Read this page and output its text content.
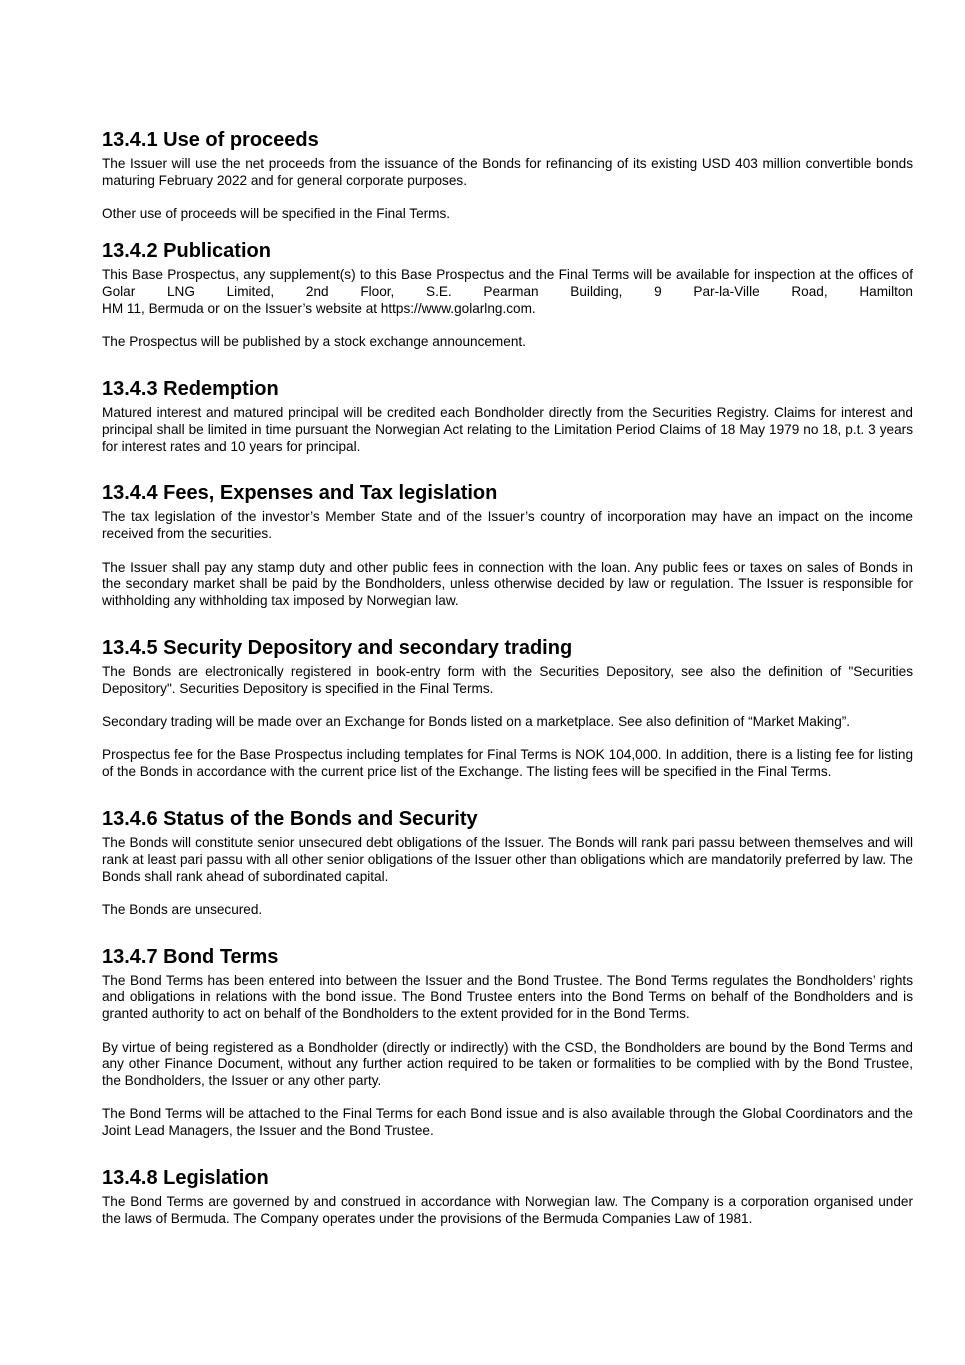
13.4.1 Use of proceeds

The Issuer will use the net proceeds from the issuance of the Bonds for refinancing of its existing USD 403 million convertible bonds maturing February 2022 and for general corporate purposes.

Other use of proceeds will be specified in the Final Terms.

13.4.2 Publication

This Base Prospectus, any supplement(s) to this Base Prospectus and the Final Terms will be available for inspection at the offices of Golar LNG Limited, 2nd Floor, S.E. Pearman Building, 9 Par-la-Ville Road, Hamilton

HM 11, Bermuda or on the Issuer’s website at https://www.golarlng.com.

The Prospectus will be published by a stock exchange announcement.

13.4.3 Redemption

Matured interest and matured principal will be credited each Bondholder directly from the Securities Registry. Claims for interest and principal shall be limited in time pursuant the Norwegian Act relating to the Limitation Period Claims of 18 May 1979 no 18, p.t. 3 years for interest rates and 10 years for principal.

13.4.4 Fees, Expenses and Tax legislation

The tax legislation of the investor’s Member State and of the Issuer’s country of incorporation may have an impact on the income received from the securities.

The Issuer shall pay any stamp duty and other public fees in connection with the loan. Any public fees or taxes on sales of Bonds in the secondary market shall be paid by the Bondholders, unless otherwise decided by law or regulation. The Issuer is responsible for withholding any withholding tax imposed by Norwegian law.

13.4.5 Security Depository and secondary trading

The Bonds are electronically registered in book-entry form with the Securities Depository, see also the definition of "Securities Depository". Securities Depository is specified in the Final Terms.

Secondary trading will be made over an Exchange for Bonds listed on a marketplace. See also definition of “Market Making”.

Prospectus fee for the Base Prospectus including templates for Final Terms is NOK 104,000. In addition, there is a listing fee for listing of the Bonds in accordance with the current price list of the Exchange. The listing fees will be specified in the Final Terms.

13.4.6 Status of the Bonds and Security

The Bonds will constitute senior unsecured debt obligations of the Issuer. The Bonds will rank pari passu between themselves and will rank at least pari passu with all other senior obligations of the Issuer other than obligations which are mandatorily preferred by law. The Bonds shall rank ahead of subordinated capital.

The Bonds are unsecured.

13.4.7 Bond Terms

The Bond Terms has been entered into between the Issuer and the Bond Trustee. The Bond Terms regulates the Bondholders’ rights and obligations in relations with the bond issue. The Bond Trustee enters into the Bond Terms on behalf of the Bondholders and is granted authority to act on behalf of the Bondholders to the extent provided for in the Bond Terms.

By virtue of being registered as a Bondholder (directly or indirectly) with the CSD, the Bondholders are bound by the Bond Terms and any other Finance Document, without any further action required to be taken or formalities to be complied with by the Bond Trustee, the Bondholders, the Issuer or any other party.

The Bond Terms will be attached to the Final Terms for each Bond issue and is also available through the Global Coordinators and the Joint Lead Managers, the Issuer and the Bond Trustee.

13.4.8 Legislation

The Bond Terms are governed by and construed in accordance with Norwegian law. The Company is a corporation organised under the laws of Bermuda. The Company operates under the provisions of the Bermuda Companies Law of 1981.
